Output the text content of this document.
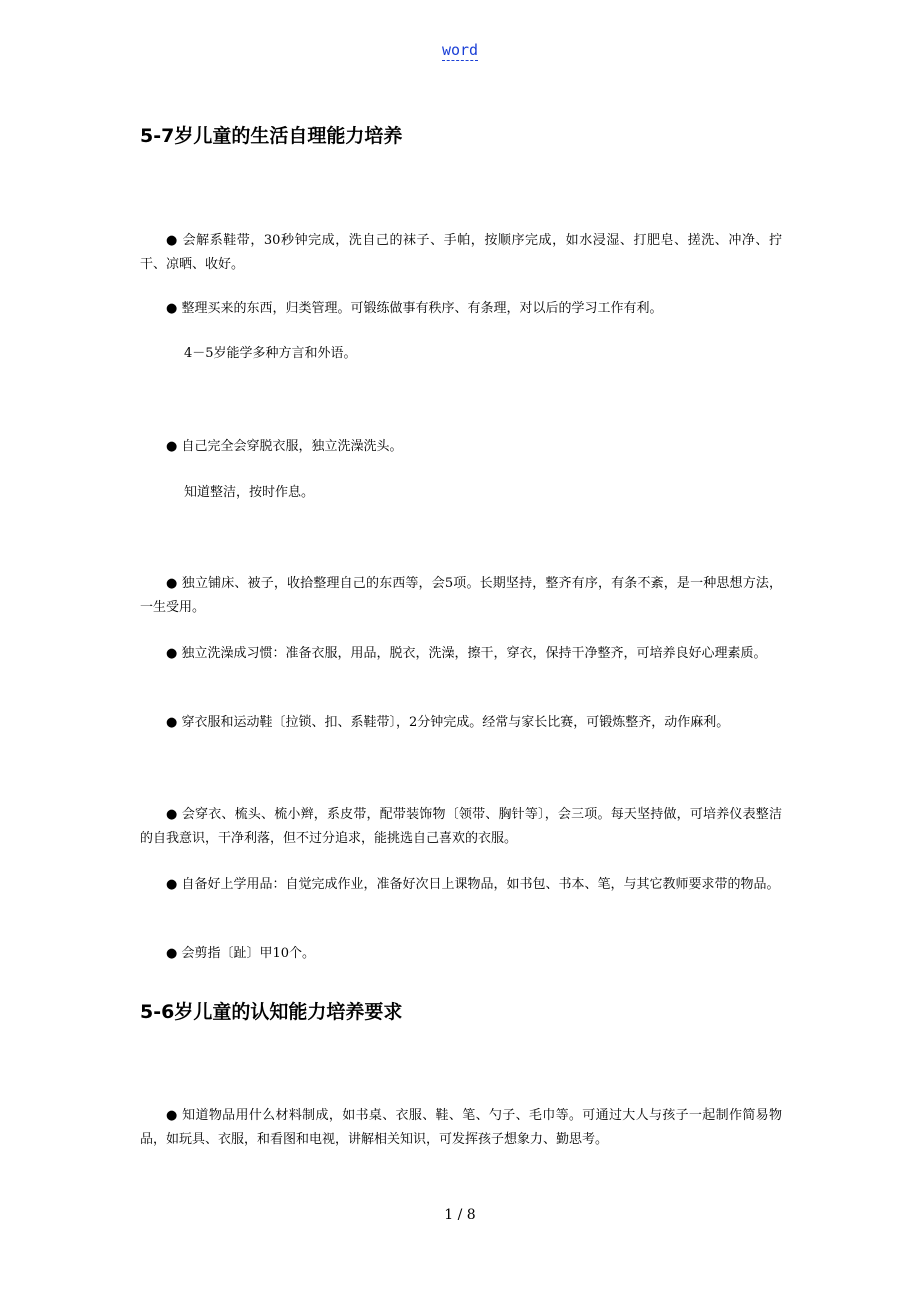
word
5-7岁儿童的生活自理能力培养
● 会解系鞋带，30秒钟完成，洗自己的袜子、手帕，按顺序完成，如水浸湿、打肥皂、搓洗、冲净、拧干、凉晒、收好。
● 整理买来的东西，归类管理。可锻练做事有秩序、有条理，对以后的学习工作有利。
4－5岁能学多种方言和外语。
● 自己完全会穿脱衣服，独立洗澡洗头。
知道整洁，按时作息。
● 独立铺床、被子，收拾整理自己的东西等，会5项。长期坚持，整齐有序，有条不紊，是一种思想方法，一生受用。
● 独立洗澡成习惯：准备衣服，用品，脱衣，洗澡，擦干，穿衣，保持干净整齐，可培养良好心理素质。
● 穿衣服和运动鞋〔拉锁、扣、系鞋带〕，2分钟完成。经常与家长比赛，可锻炼整齐，动作麻利。
● 会穿衣、梳头、梳小辫，系皮带，配带装饰物〔领带、胸针等〕，会三项。每天坚持做，可培养仪表整洁的自我意识，干净利落，但不过分追求，能挑选自己喜欢的衣服。
● 自备好上学用品：自觉完成作业，准备好次日上课物品，如书包、书本、笔，与其它教师要求带的物品。
● 会剪指〔趾〕甲10个。
5-6岁儿童的认知能力培养要求
● 知道物品用什么材料制成，如书桌、衣服、鞋、笔、勺子、毛巾等。可通过大人与孩子一起制作简易物品，如玩具、衣服，和看图和电视，讲解相关知识，可发挥孩子想象力、勤思考。
1 / 8
